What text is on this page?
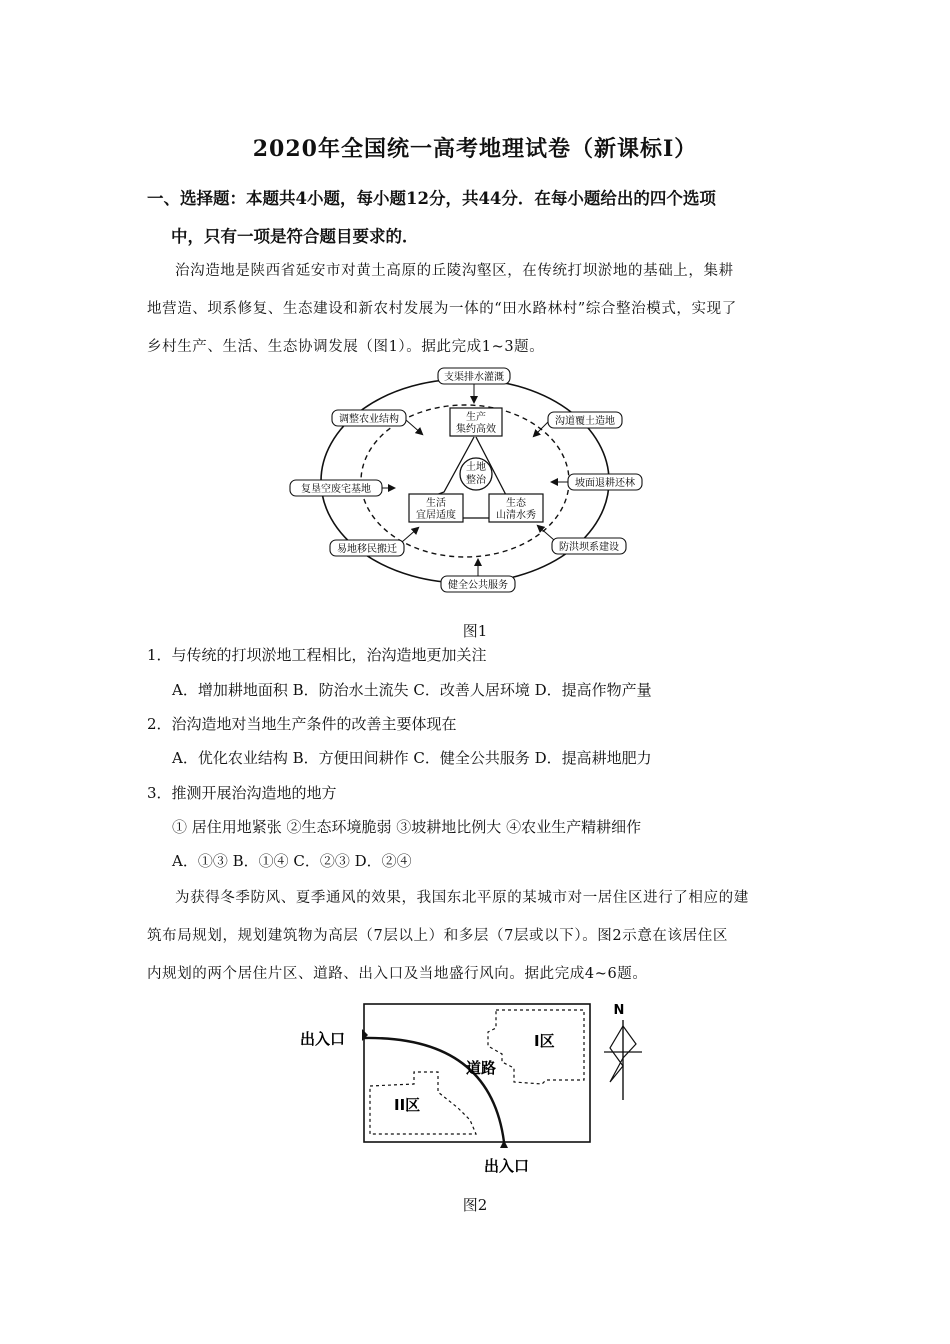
2020年全国统一高考地理试卷（新课标Ⅰ）
一、选择题：本题共4小题，每小题12分，共44分．在每小题给出的四个选项
中，只有一项是符合题目要求的．
治沟造地是陕西省延安市对黄土高原的丘陵沟壑区，在传统打坝淤地的基础上，集耕
地营造、坝系修复、生态建设和新农村发展为一体的“田水路林村”综合整治模式，实现了
乡村生产、生活、生态协调发展（图1）。据此完成1~3题。
土地
整治
生产
集约高效
生活
宜居适度
生态
山清水秀
支渠排水灌溉
沟道覆土造地
坡面退耕还林
防洪坝系建设
健全公共服务
易地移民搬迁
复垦空废宅基地
调整农业结构
图1
1．与传统的打坝淤地工程相比，治沟造地更加关注
A．增加耕地面积 B．防治水土流失 C．改善人居环境 D．提高作物产量
2．治沟造地对当地生产条件的改善主要体现在
A．优化农业结构 B．方便田间耕作 C．健全公共服务 D．提高耕地肥力
3．推测开展治沟造地的地方
① 居住用地紧张 ②生态环境脆弱 ③坡耕地比例大 ④农业生产精耕细作
A．①③ B．①④ C．②③ D．②④
为获得冬季防风、夏季通风的效果，我国东北平原的某城市对一居住区进行了相应的建
筑布局规划，规划建筑物为高层（7层以上）和多层（7层或以下）。图2示意在该居住区
内规划的两个居住片区、道路、出入口及当地盛行风向。据此完成4~6题。
出入口
出入口
道路
I区
II区
N
图2
